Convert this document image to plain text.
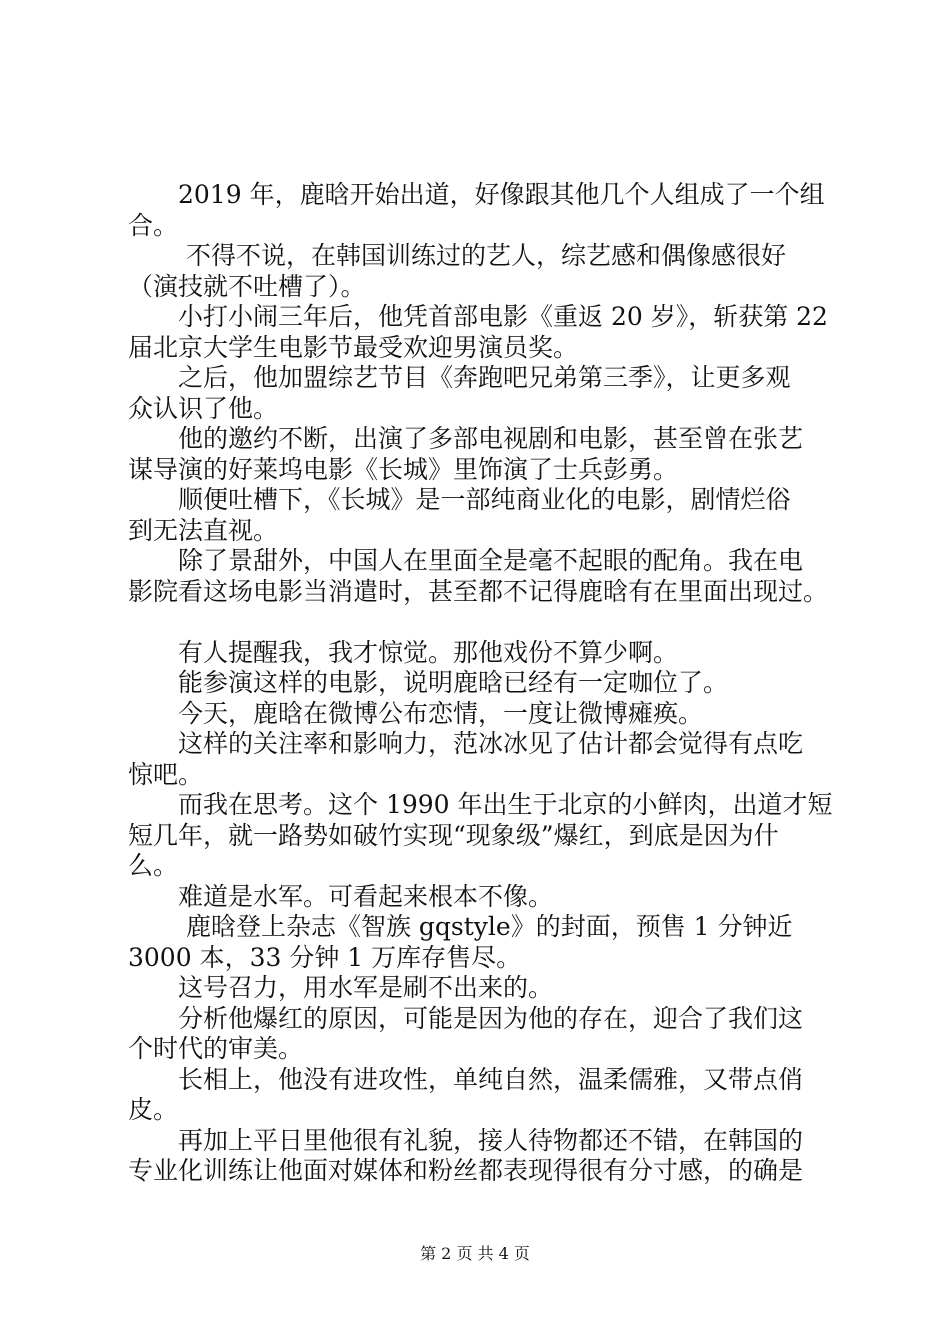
　　2019 年，鹿晗开始出道，好像跟其他几个人组成了一个组
合。
　　 不得不说，在韩国训练过的艺人，综艺感和偶像感很好
（演技就不吐槽了）。
　　小打小闹三年后，他凭首部电影《重返 20 岁》，斩获第 22
届北京大学生电影节最受欢迎男演员奖。
　　之后，他加盟综艺节目《奔跑吧兄弟第三季》，让更多观
众认识了他。
　　他的邀约不断，出演了多部电视剧和电影，甚至曾在张艺
谋导演的好莱坞电影《长城》里饰演了士兵彭勇。
　　顺便吐槽下，《长城》是一部纯商业化的电影，剧情烂俗
到无法直视。
　　除了景甜外，中国人在里面全是毫不起眼的配角。我在电
影院看这场电影当消遣时，甚至都不记得鹿晗有在里面出现过。
　　有人提醒我，我才惊觉。那他戏份不算少啊。
　　能参演这样的电影，说明鹿晗已经有一定咖位了。
　　今天，鹿晗在微博公布恋情，一度让微博瘫痪。
　　这样的关注率和影响力，范冰冰见了估计都会觉得有点吃
惊吧。
　　而我在思考。这个 1990 年出生于北京的小鲜肉，出道才短
短几年，就一路势如破竹实现“现象级”爆红，到底是因为什
么。
　　难道是水军。可看起来根本不像。
　　 鹿晗登上杂志《智族 gqstyle》的封面，预售 1 分钟近
3000 本，33 分钟 1 万库存售尽。
　　这号召力，用水军是刷不出来的。
　　分析他爆红的原因，可能是因为他的存在，迎合了我们这
个时代的审美。
　　长相上，他没有进攻性，单纯自然，温柔儒雅，又带点俏
皮。
　　再加上平日里他很有礼貌，接人待物都还不错，在韩国的
专业化训练让他面对媒体和粉丝都表现得很有分寸感，的确是
第 2 页 共 4 页
